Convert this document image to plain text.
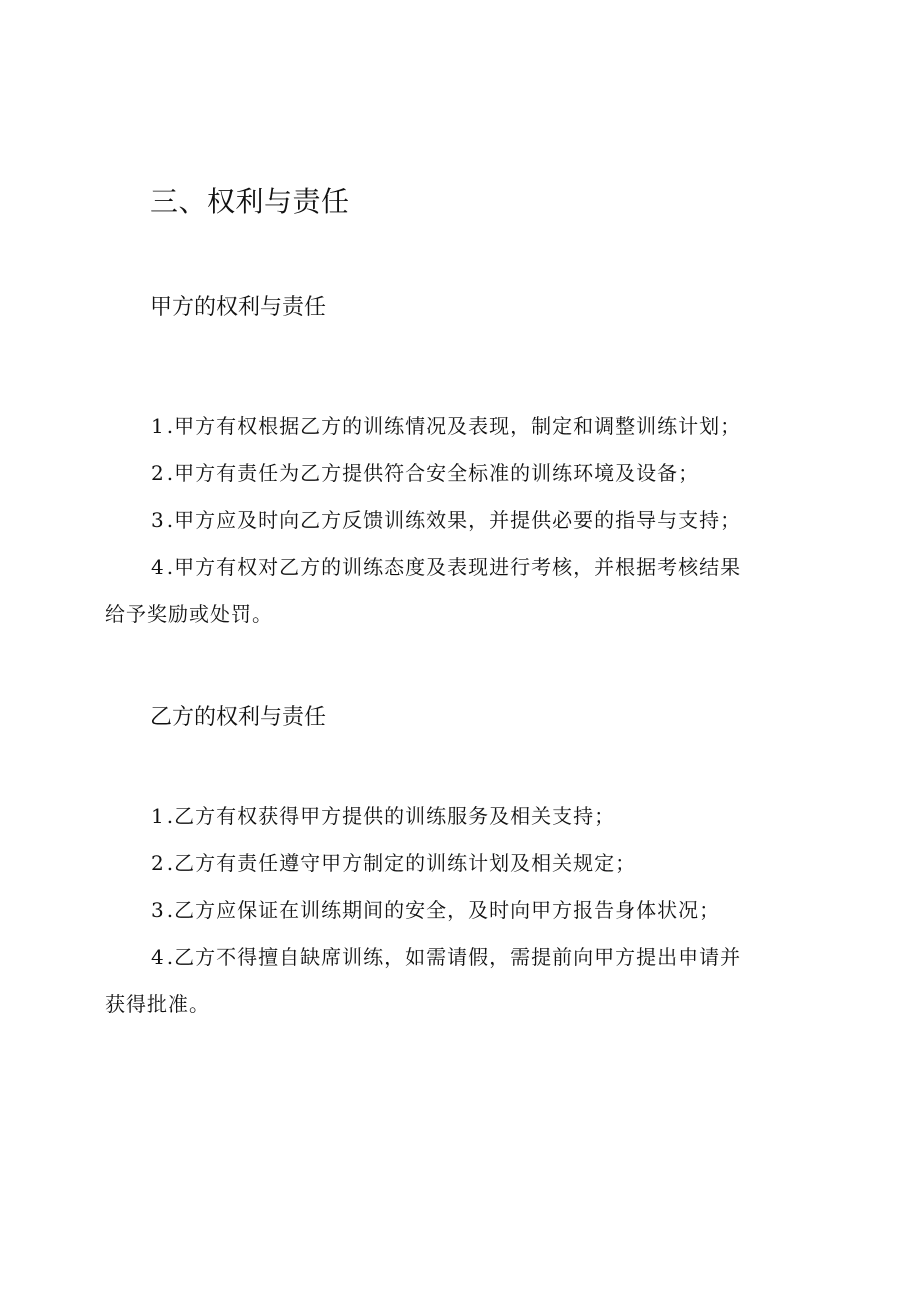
三、权利与责任
甲方的权利与责任
1.甲方有权根据乙方的训练情况及表现，制定和调整训练计划；
2.甲方有责任为乙方提供符合安全标准的训练环境及设备；
3.甲方应及时向乙方反馈训练效果，并提供必要的指导与支持；
4.甲方有权对乙方的训练态度及表现进行考核，并根据考核结果
给予奖励或处罚。
乙方的权利与责任
1.乙方有权获得甲方提供的训练服务及相关支持；
2.乙方有责任遵守甲方制定的训练计划及相关规定；
3.乙方应保证在训练期间的安全，及时向甲方报告身体状况；
4.乙方不得擅自缺席训练，如需请假，需提前向甲方提出申请并
获得批准。
